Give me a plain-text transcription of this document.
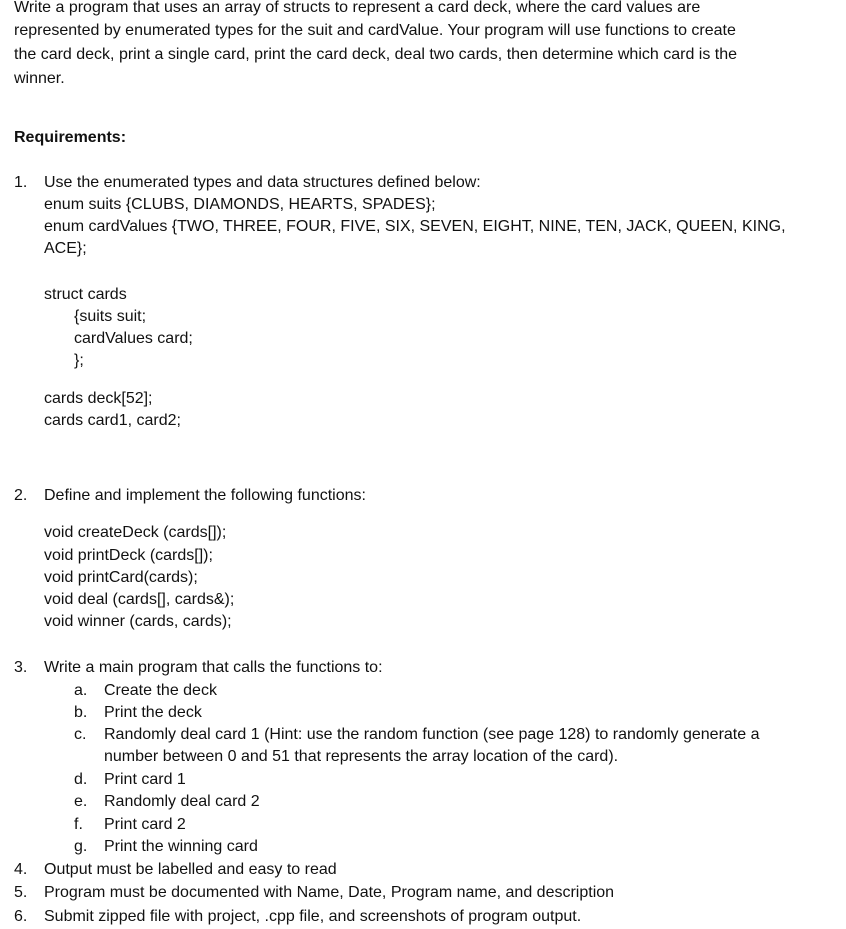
Write a program that uses an array of structs to represent a card deck, where the card values are
represented by enumerated types for the suit and cardValue. Your program will use functions to create
the card deck, print a single card, print the card deck, deal two cards, then determine which card is the
winner.
Requirements:
1.	Use the enumerated types and data structures defined below:
enum suits {CLUBS, DIAMONDS, HEARTS, SPADES};
enum cardValues {TWO, THREE, FOUR, FIVE, SIX, SEVEN, EIGHT, NINE, TEN, JACK, QUEEN, KING,
ACE};
struct cards
{suits suit;
cardValues card;
};
cards deck[52];
cards card1, card2;
2.	Define and implement the following functions:
void createDeck (cards[]);
void printDeck (cards[]);
void printCard(cards);
void deal (cards[], cards&);
void winner (cards, cards);
3.	Write a main program that calls the functions to:
a.	Create the deck
b.	Print the deck
c.	Randomly deal card 1 (Hint: use the random function (see page 128) to randomly generate a
number between 0 and 51 that represents the array location of the card).
d.	Print card 1
e.	Randomly deal card 2
f.	Print card 2
g.	Print the winning card
4.	Output must be labelled and easy to read
5.	Program must be documented with Name, Date, Program name, and description
6.	Submit zipped file with project, .cpp file, and screenshots of program output.
